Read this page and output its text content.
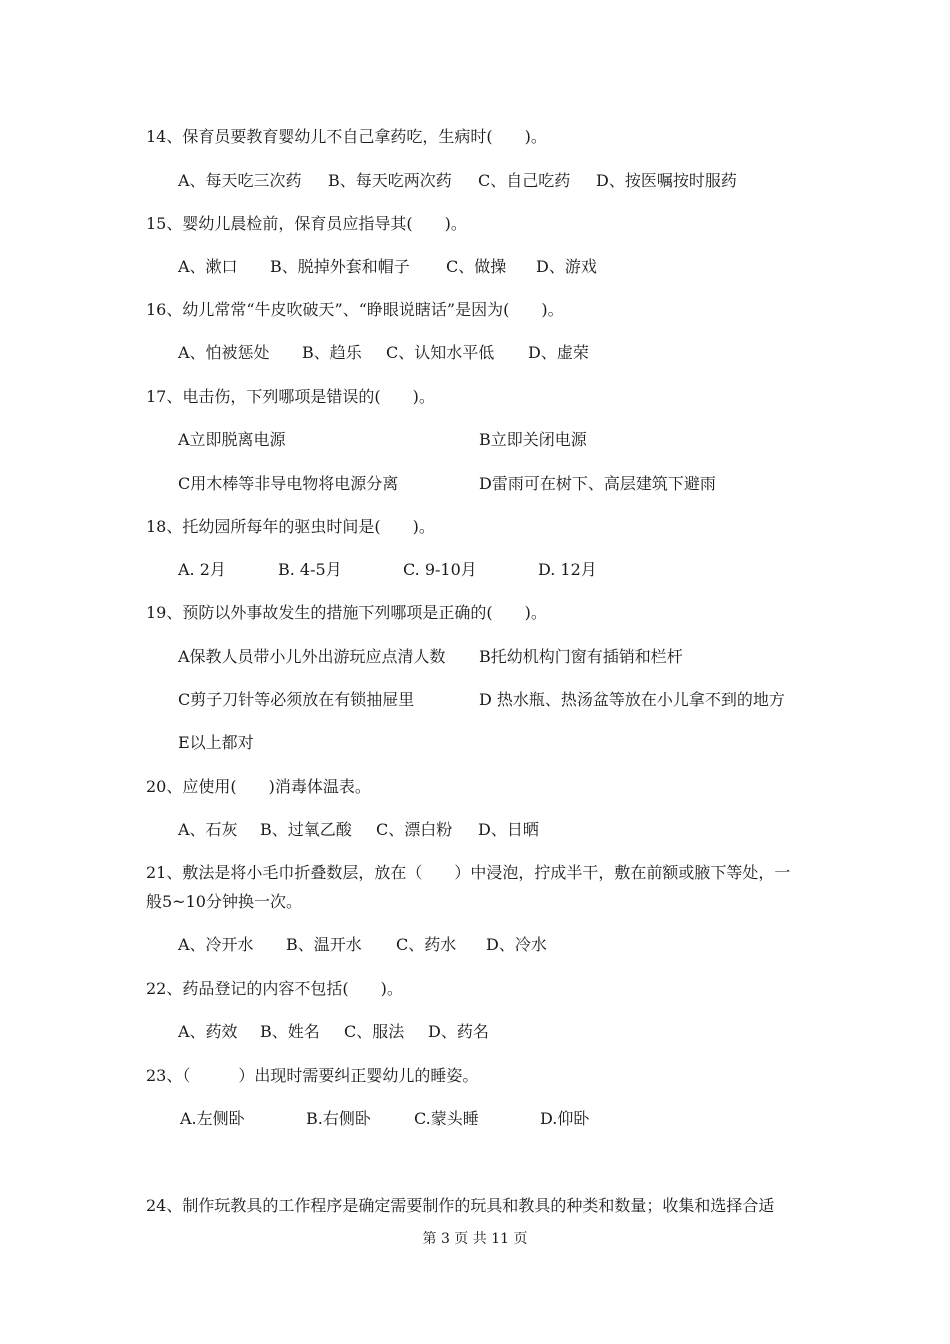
14、保育员要教育婴幼儿不自己拿药吃，生病时(　　)。

A、每天吃三次药

B、每天吃两次药

C、自己吃药

D、按医嘱按时服药

15、婴幼儿晨检前，保育员应指导其(　　)。

A、漱口

B、脱掉外套和帽子

C、做操

D、游戏

16、幼儿常常“牛皮吹破天”、“睁眼说瞎话”是因为(　　)。

A、怕被惩处

B、趋乐

C、认知水平低

D、虚荣

17、电击伤，下列哪项是错误的(　　)。
A立即脱离电源	B立即关闭电源
C用木棒等非导电物将电源分离	D雷雨可在树下、高层建筑下避雨
18、托幼园所每年的驱虫时间是(　　)。

A. 2月

	B. 4-5月

	C. 9-10月

	D. 12月

19、预防以外事故发生的措施下列哪项是正确的(　　)。
A保教人员带小儿外出游玩应点清人数 B托幼机构门窗有插销和栏杆
C剪子刀针等必须放在有锁抽屉里	D 热水瓶、热汤盆等放在小儿拿不到的地方
E以上都对
20、应使用(　　)消毒体温表。

A、石灰

B、过氧乙酸

C、漂白粉

D、日晒

21、敷法是将小毛巾折叠数层，放在（　　）中浸泡，拧成半干，敷在前额或腋下等处，一
般5~10分钟换一次。

A、冷开水

B、温开水

C、药水

D、冷水

22、药品登记的内容不包括(　　)。

A、药效

B、姓名

C、服法

D、药名

23、（　　　）出现时需要纠正婴幼儿的睡姿。

A.左侧卧

	B.右侧卧

	C.蒙头睡

	D.仰卧

24、制作玩教具的工作程序是确定需要制作的玩具和教具的种类和数量；收集和选择合适
第 3 页 共 11 页
